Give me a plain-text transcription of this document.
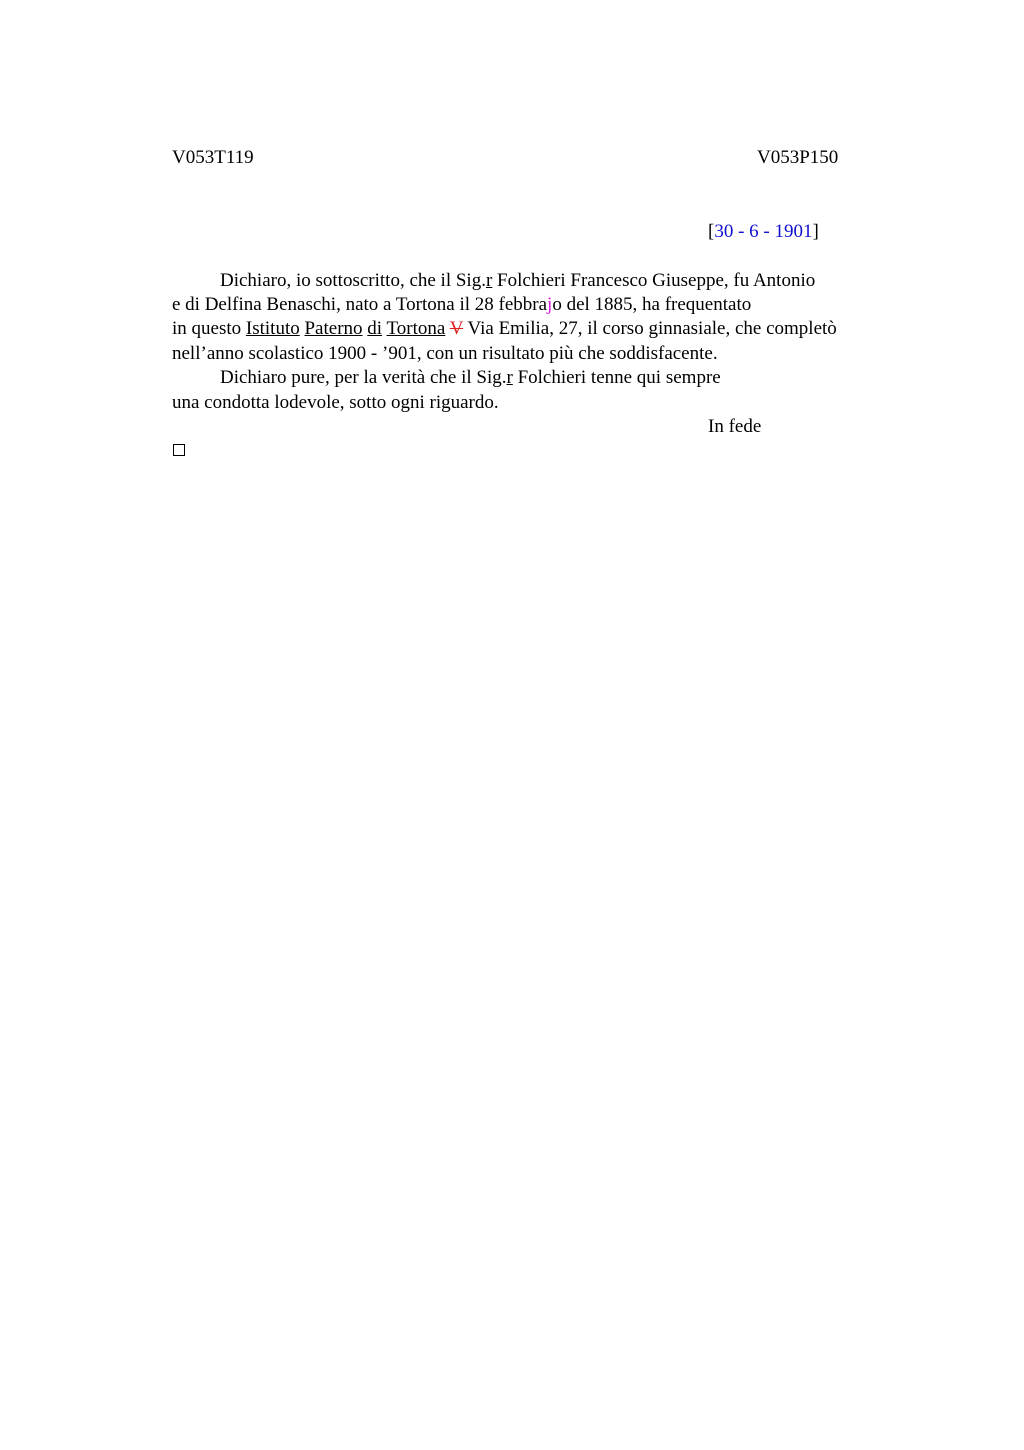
V053T119	V053P150
[30 - 6 - 1901]
Dichiaro, io sottoscritto, che il Sig.r Folchieri Francesco Giuseppe, fu Antonio
e di Delfina Benaschi, nato a Tortona il 28 febbrajo del 1885, ha frequentato
in questo Istituto Paterno di Tortona V Via Emilia, 27, il corso ginnasiale, che completò
nell’anno scolastico 1900 - ’901, con un risultato più che soddisfacente.
Dichiaro pure, per la verità che il Sig.r Folchieri tenne qui sempre
una condotta lodevole, sotto ogni riguardo.
In fede
